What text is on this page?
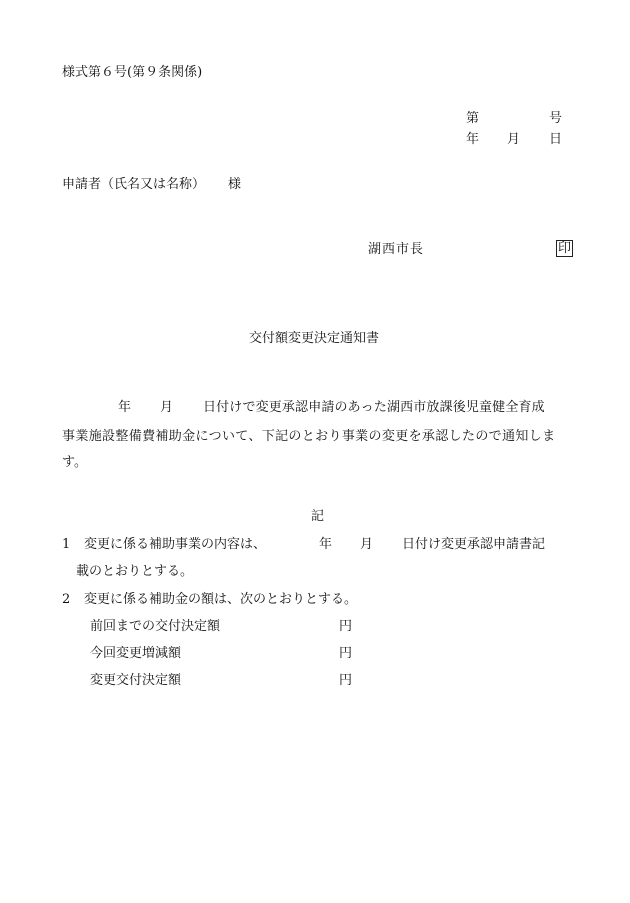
様式第６号(第９条関係)
第	号
年 月 日
申請者（氏名又は名称） 様
湖西市長	印
交付額変更決定通知書
年 月 日付けで変更承認申請のあった湖西市放課後児童健全育成
事業施設整備費補助金について、下記のとおり事業の変更を承認したので通知しま
す。
記
1 変更に係る補助事業の内容は、	年 月 日付け変更承認申請書記
載のとおりとする。
2 変更に係る補助金の額は、次のとおりとする。
前回までの交付決定額	円
今回変更増減額	円
変更交付決定額	円
